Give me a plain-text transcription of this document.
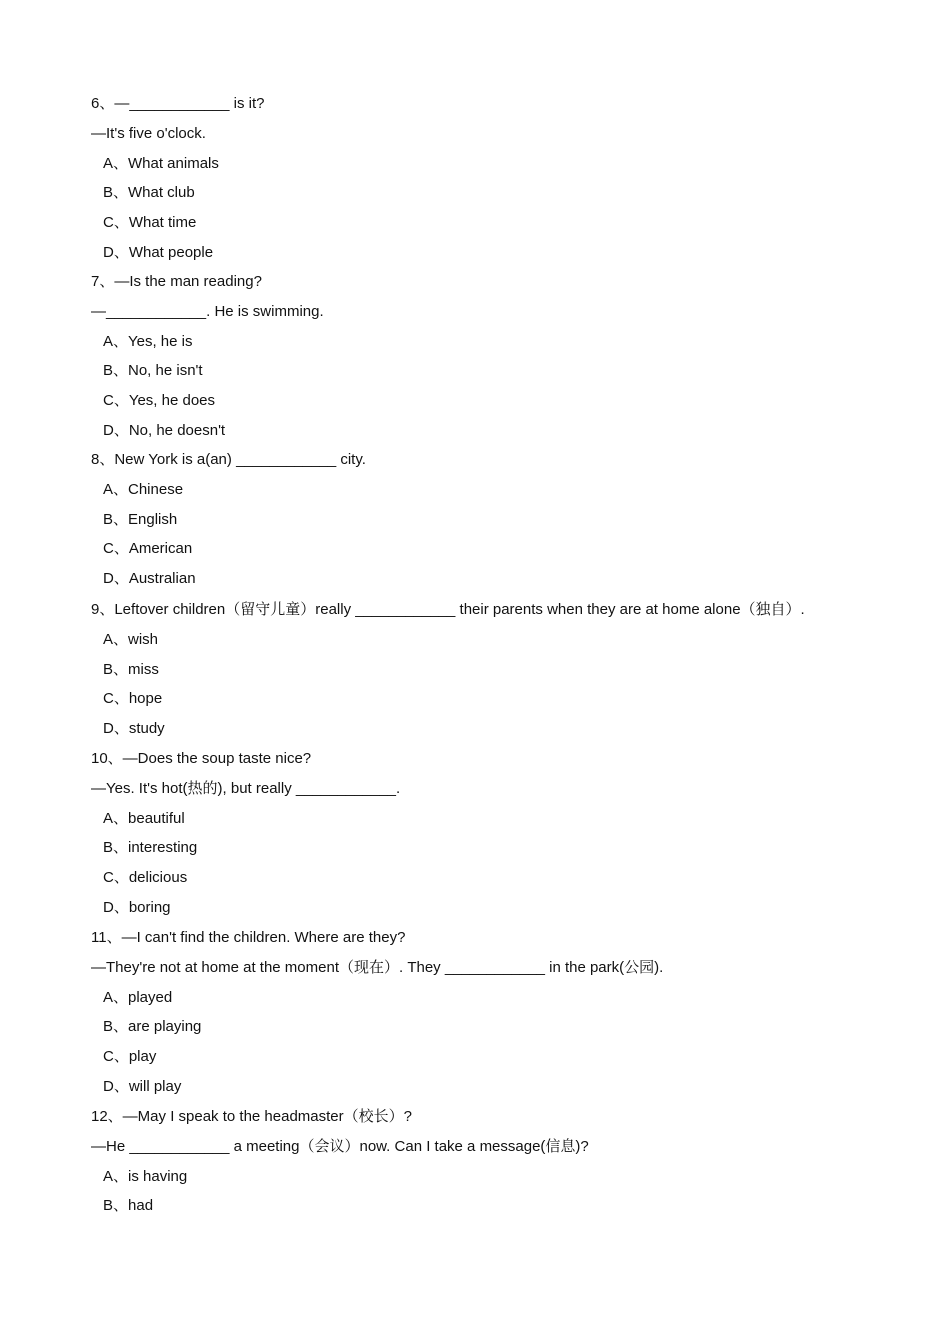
6、—____________ is it?
—It's five o'clock.
A、What animals
B、What club
C、What time
D、What people
7、—Is the man reading?
—____________. He is swimming.
A、Yes, he is
B、No, he isn't
C、Yes, he does
D、No, he doesn't
8、New York is a(an) ____________ city.
A、Chinese
B、English
C、American
D、Australian
9、Leftover children（留守儿童）really ____________ their parents when they are at home alone（独自）.
A、wish
B、miss
C、hope
D、study
10、—Does the soup taste nice?
—Yes. It's hot(热的), but really ____________.
A、beautiful
B、interesting
C、delicious
D、boring
11、—I can't find the children. Where are they?
—They're not at home at the moment（现在）. They ____________ in the park(公园).
A、played
B、are playing
C、play
D、will play
12、—May I speak to the headmaster（校长）?
—He ____________ a meeting（会议）now. Can I take a message(信息)?
A、is having
B、had
